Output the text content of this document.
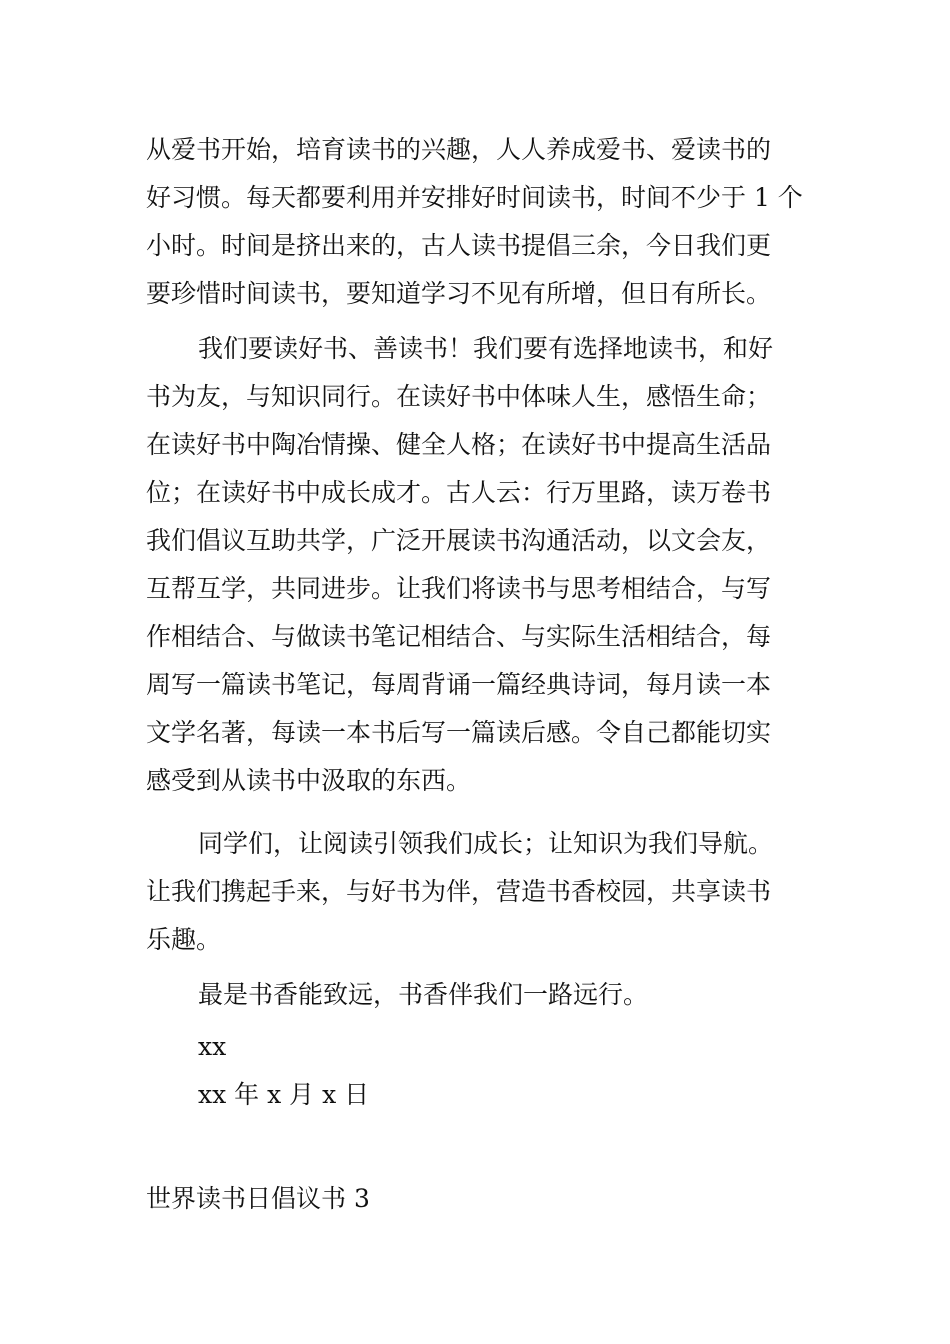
从爱书开始，培育读书的兴趣，人人养成爱书、爱读书的
好习惯。每天都要利用并安排好时间读书，时间不少于 1 个
小时。时间是挤出来的，古人读书提倡三余，今日我们更
要珍惜时间读书，要知道学习不见有所增，但日有所长。
我们要读好书、善读书！我们要有选择地读书，和好
书为友，与知识同行。在读好书中体味人生，感悟生命；
在读好书中陶冶情操、健全人格；在读好书中提高生活品
位；在读好书中成长成才。古人云：行万里路，读万卷书
我们倡议互助共学，广泛开展读书沟通活动，以文会友，
互帮互学，共同进步。让我们将读书与思考相结合，与写
作相结合、与做读书笔记相结合、与实际生活相结合，每
周写一篇读书笔记，每周背诵一篇经典诗词，每月读一本
文学名著，每读一本书后写一篇读后感。令自己都能切实
感受到从读书中汲取的东西。
同学们，让阅读引领我们成长；让知识为我们导航。
让我们携起手来，与好书为伴，营造书香校园，共享读书
乐趣。
最是书香能致远，书香伴我们一路远行。
xx
xx 年 x 月 x 日
世界读书日倡议书 3
